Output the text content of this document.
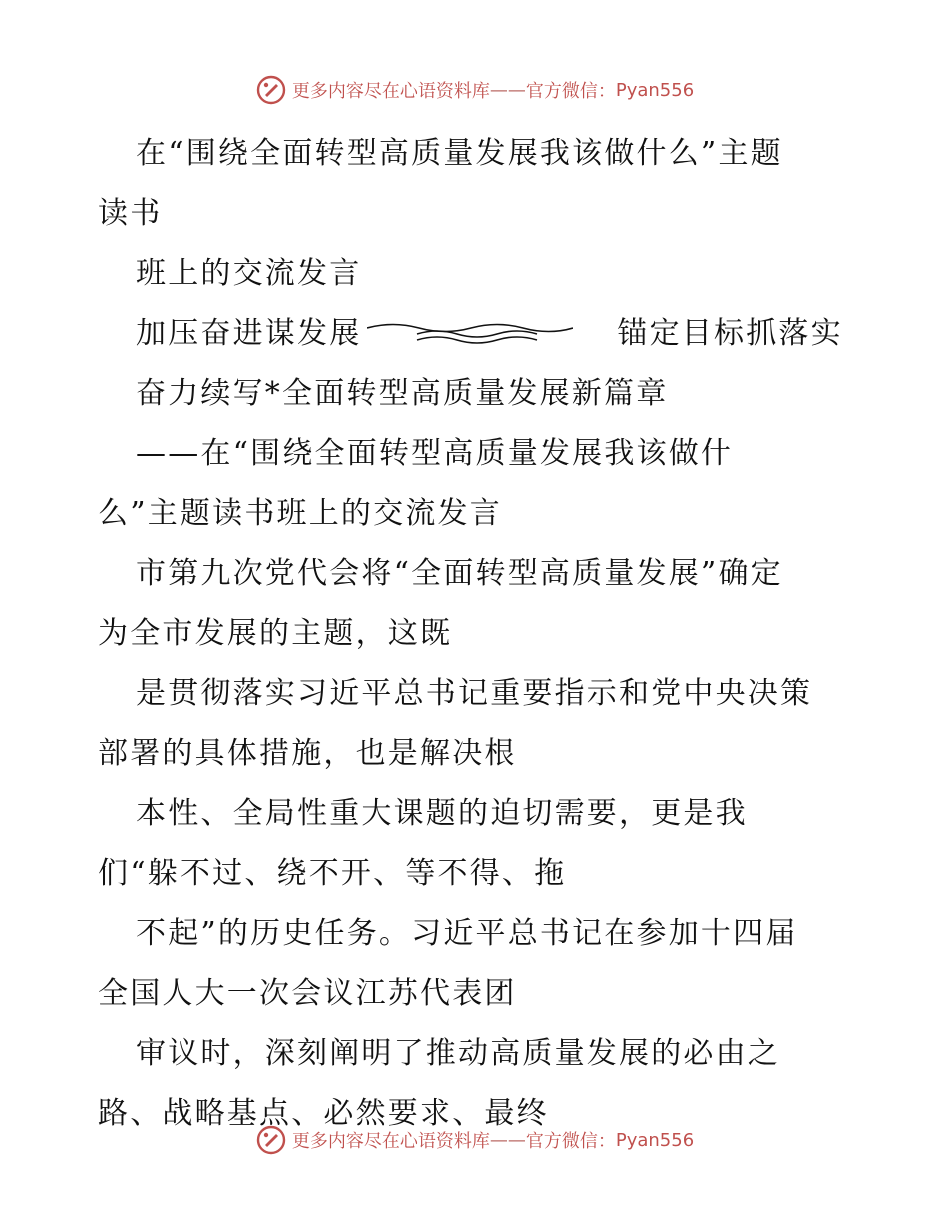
更多内容尽在心语资料库 —— 官方微信： Pyan556

在“围绕全面转型高质量发展我该做什么”主题

读书

班上的交流发言

加压奋进谋发展	锚定目标抓落实

奋力续写*全面转型高质量发展新篇章

——在“围绕全面转型高质量发展我该做什

么”主题读书班上的交流发言

市第九次党代会将“全面转型高质量发展”确定

为全市发展的主题，这既

是贯彻落实习近平总书记重要指示和党中央决策

部署的具体措施，也是解决根

本性、全局性重大课题的迫切需要，更是我

们“躲不过、绕不开、等不得、拖

不起”的历史任务。习近平总书记在参加十四届

全国人大一次会议江苏代表团

审议时，深刻阐明了推动高质量发展的必由之

路、战略基点、必然要求、最终

更多内容尽在心语资料库 —— 官方微信： Pyan556
